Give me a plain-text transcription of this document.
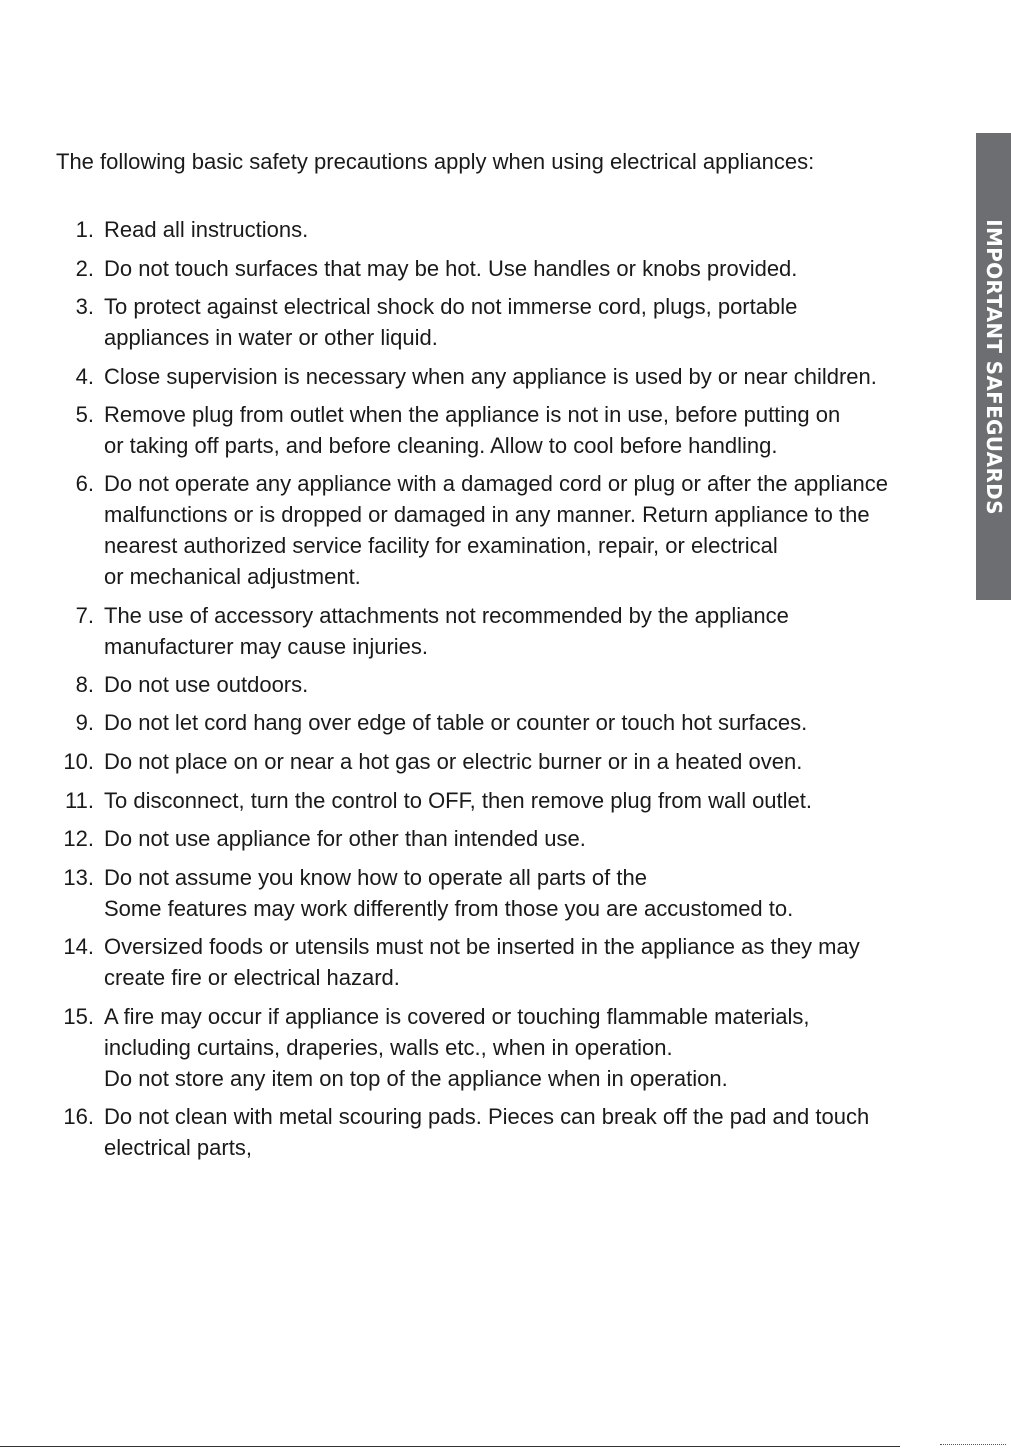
The following basic safety precautions apply when using electrical appliances:

1. Read all instructions.
2. Do not touch surfaces that may be hot. Use handles or knobs provided.
3. To protect against electrical shock do not immerse cord, plugs, portable
appliances in water or other liquid.
4. Close supervision is necessary when any appliance is used by or near children.
5. Remove plug from outlet when the appliance is not in use, before putting on
or taking off parts, and before cleaning. Allow to cool before handling.
6. Do not operate any appliance with a damaged cord or plug or after the appliance
malfunctions or is dropped or damaged in any manner. Return appliance to the
nearest authorized service facility for examination, repair, or electrical
or mechanical adjustment.
7. The use of accessory attachments not recommended by the appliance
manufacturer may cause injuries.
8. Do not use outdoors.
9. Do not let cord hang over edge of table or counter or touch hot surfaces.
10. Do not place on or near a hot gas or electric burner or in a heated oven.
11. To disconnect, turn the control to OFF, then remove plug from wall outlet.
12. Do not use appliance for other than intended use.
13. Do not assume you know how to operate all parts of the
Some features may work differently from those you are accustomed to.
14. Oversized foods or utensils must not be inserted in the appliance as they may
create fire or electrical hazard.
15. A fire may occur if appliance is covered or touching flammable materials,
including curtains, draperies, walls etc., when in operation.
Do not store any item on top of the appliance when in operation.
16. Do not clean with metal scouring pads. Pieces can break off the pad and touch
electrical parts,
IMPORTANT SAFEGUARDS
